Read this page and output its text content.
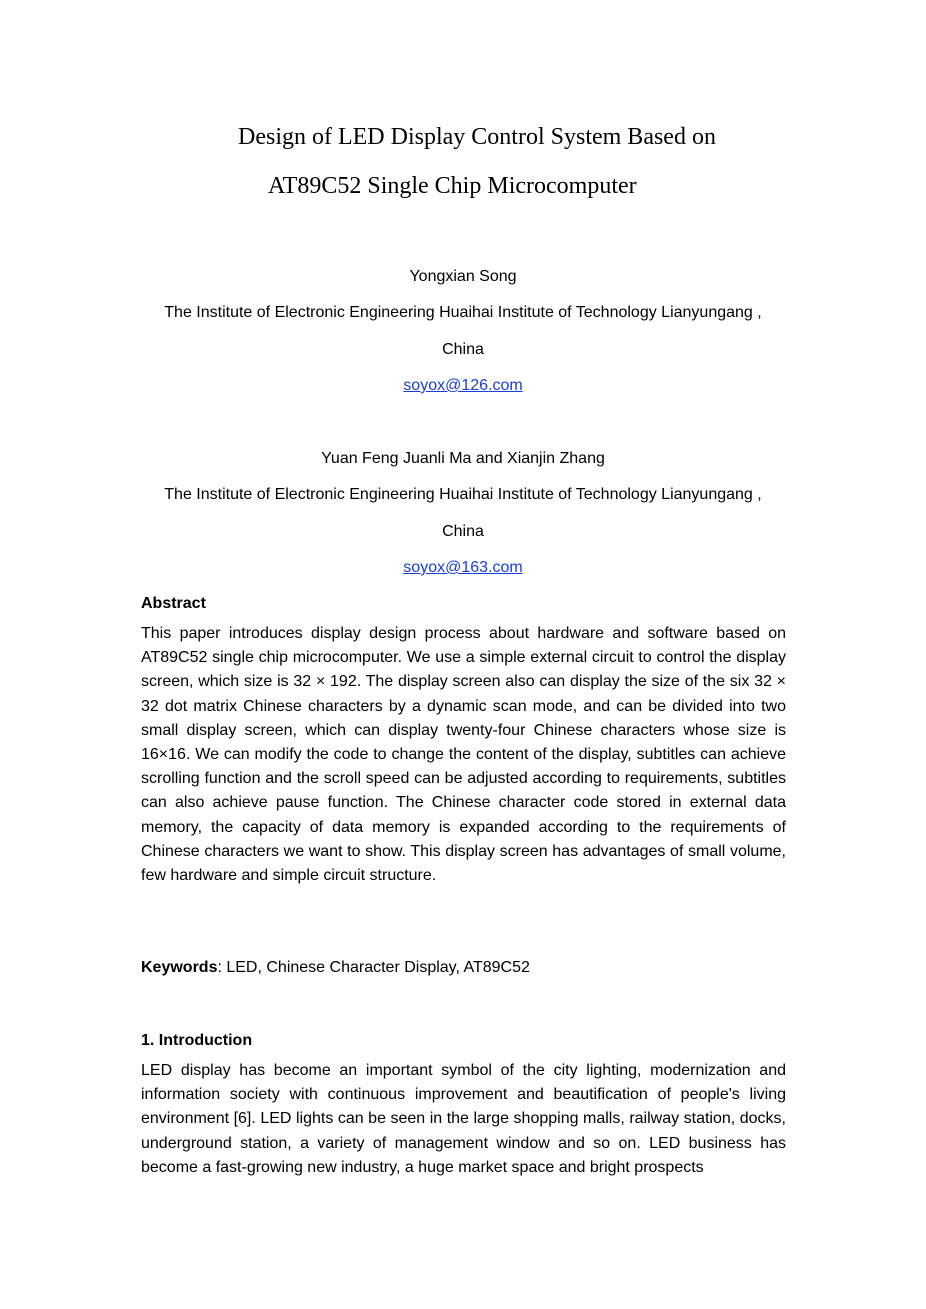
Design of LED Display Control System Based on
AT89C52 Single Chip Microcomputer
Yongxian Song
The Institute of Electronic Engineering Huaihai Institute of Technology Lianyungang ,
China
soyox@126.com
Yuan Feng Juanli Ma and Xianjin Zhang
The Institute of Electronic Engineering Huaihai Institute of Technology Lianyungang ,
China
soyox@163.com
Abstract
This paper introduces display design process about hardware and software based on AT89C52 single chip microcomputer. We use a simple external circuit to control the display screen, which size is 32 × 192. The display screen also can display the size of the six 32 × 32 dot matrix Chinese characters by a dynamic scan mode, and can be divided into two small display screen, which can display twenty-four Chinese characters whose size is 16×16. We can modify the code to change the content of the display, subtitles can achieve scrolling function and the scroll speed can be adjusted according to requirements, subtitles can also achieve pause function. The Chinese character code stored in external data memory, the capacity of data memory is expanded according to the requirements of Chinese characters we want to show. This display screen has advantages of small volume, few hardware and simple circuit structure.
Keywords: LED, Chinese Character Display, AT89C52
1. Introduction
LED display has become an important symbol of the city lighting, modernization and information society with continuous improvement and beautification of people's living environment [6]. LED lights can be seen in the large shopping malls, railway station, docks, underground station, a variety of management window and so on. LED business has become a fast-growing new industry, a huge market space and bright prospects
